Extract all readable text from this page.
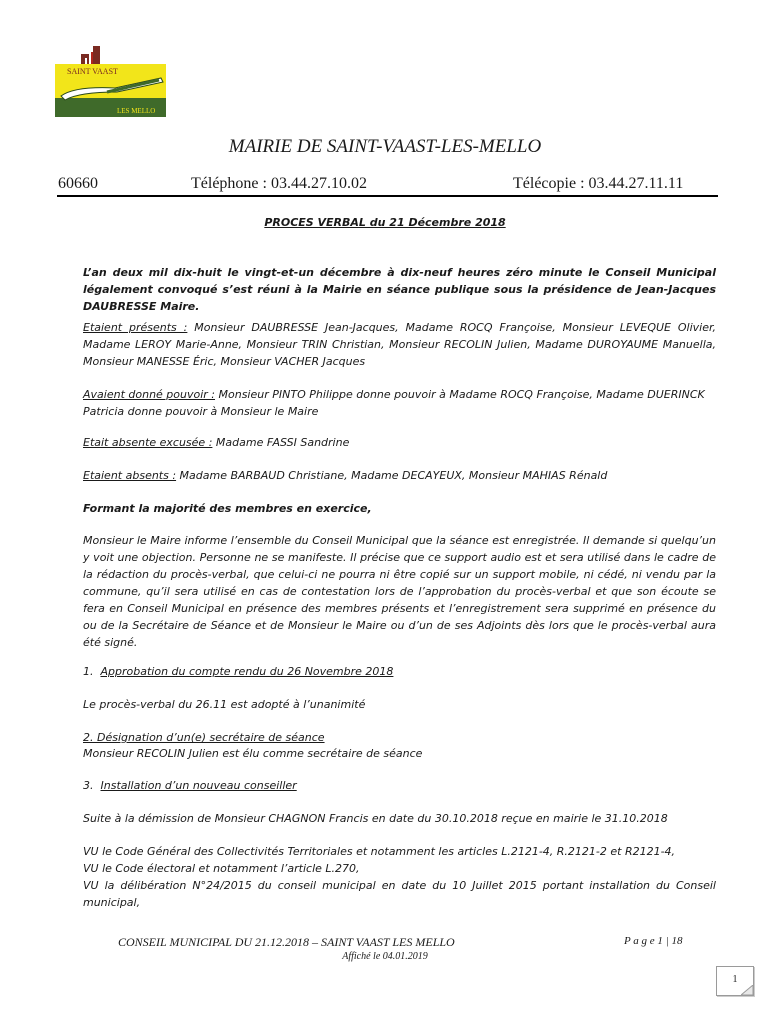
SAINT VAAST
LES MELLO
MAIRIE DE SAINT-VAAST-LES-MELLO
60660	Téléphone : 03.44.27.10.02	Télécopie : 03.44.27.11.11
PROCES VERBAL du 21 Décembre 2018
L’an deux mil dix-huit le vingt-et-un décembre à dix-neuf heures zéro minute le Conseil Municipal légalement convoqué s’est réuni à la Mairie en séance publique sous la présidence de Jean-Jacques DAUBRESSE Maire.

Etaient présents : Monsieur DAUBRESSE Jean-Jacques, Madame ROCQ Françoise, Monsieur LEVEQUE Olivier, Madame LEROY Marie-Anne, Monsieur TRIN Christian, Monsieur RECOLIN Julien, Madame DUROYAUME Manuella, Monsieur MANESSE Éric, Monsieur VACHER Jacques

Avaient donné pouvoir : Monsieur PINTO Philippe donne pouvoir à Madame ROCQ Françoise, Madame DUERINCK Patricia donne pouvoir à Monsieur le Maire

Etait absente excusée : Madame FASSI Sandrine

Etaient absents : Madame BARBAUD Christiane, Madame DECAYEUX, Monsieur MAHIAS Rénald

Formant la majorité des membres en exercice,
Monsieur le Maire informe l’ensemble du Conseil Municipal que la séance est enregistrée. Il demande si quelqu’un y voit une objection. Personne ne se manifeste. Il précise que ce support audio est et sera utilisé dans le cadre de la rédaction du procès-verbal, que celui-ci ne pourra ni être copié sur un support mobile, ni cédé, ni vendu par la commune, qu’il sera utilisé en cas de contestation lors de l’approbation du procès-verbal et que son écoute se fera en Conseil Municipal en présence des membres présents et l’enregistrement sera supprimé en présence du ou de la Secrétaire de Séance et de Monsieur le Maire ou d’un de ses Adjoints dès lors que le procès-verbal aura été signé.
1. Approbation du compte rendu du 26 Novembre 2018
Le procès-verbal du 26.11 est adopté à l’unanimité
2. Désignation d’un(e) secrétaire de séance
Monsieur RECOLIN Julien est élu comme secrétaire de séance
3. Installation d’un nouveau conseiller
Suite à la démission de Monsieur CHAGNON Francis en date du 30.10.2018 reçue en mairie le 31.10.2018
VU le Code Général des Collectivités Territoriales et notamment les articles L.2121-4, R.2121-2 et R2121-4,
VU le Code électoral et notamment l’article L.270,
VU la délibération N°24/2015 du conseil municipal en date du 10 Juillet 2015 portant installation du Conseil municipal,
CONSEIL MUNICIPAL DU 21.12.2018 – SAINT VAAST LES MELLO
Affiché le 04.01.2019
P a g e 1 | 18
1
